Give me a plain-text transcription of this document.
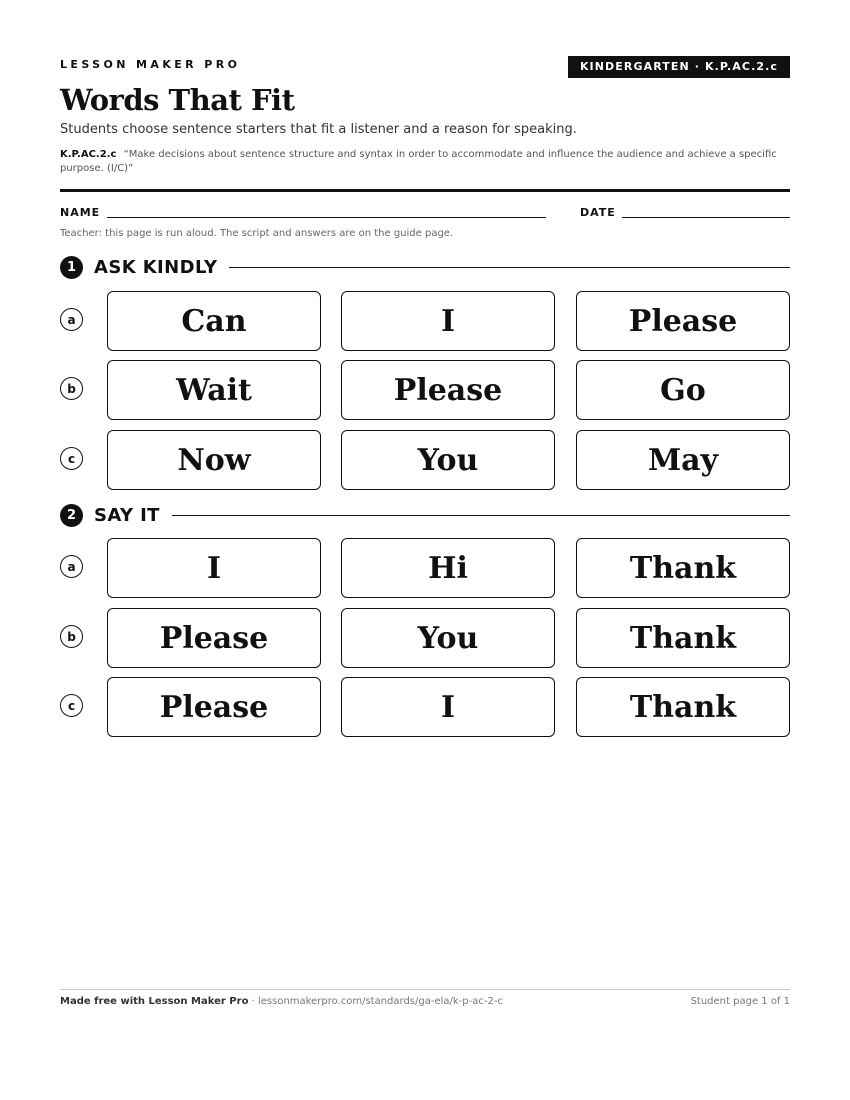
LESSON MAKER PRO	KINDERGARTEN · K.P.AC.2.c
Words That Fit
Students choose sentence starters that fit a listener and a reason for speaking.
K.P.AC.2.c “Make decisions about sentence structure and syntax in order to accommodate and influence the audience and achieve a specific purpose. (I/C)”
NAME	DATE
Teacher: this page is run aloud. The script and answers are on the guide page.
1 ASK KINDLY
a	Can	I	Please
b	Wait	Please	Go
c	Now	You	May
2 SAY IT
a	I	Hi	Thank
b	Please	You	Thank
c	Please	I	Thank
Made free with Lesson Maker Pro · lessonmakerpro.com/standards/ga-ela/k-p-ac-2-c	Student page 1 of 1
